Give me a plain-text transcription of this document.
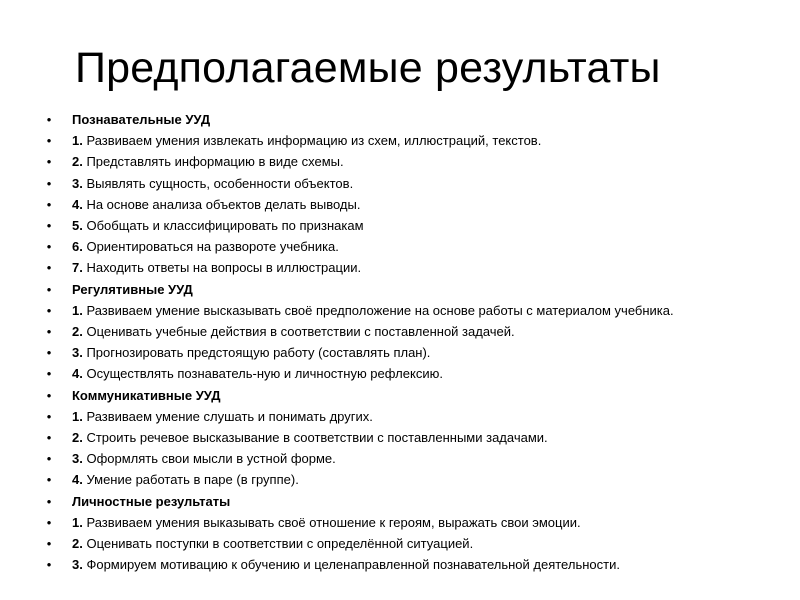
Предполагаемые результаты
• Познавательные УУД
• 1. Развиваем умения извлекать информацию из схем, иллюстраций, текстов.
• 2. Представлять информацию в виде схемы.
• 3. Выявлять сущность, особенности объектов.
• 4. На основе анализа объектов делать выводы.
• 5. Обобщать и классифицировать по признакам
• 6. Ориентироваться на развороте учебника.
• 7. Находить ответы на вопросы в иллюстрации.
• Регулятивные УУД
• 1. Развиваем умение высказывать своё предположение на основе работы с материалом учебника.
• 2. Оценивать учебные действия в соответствии с поставленной задачей.
• 3. Прогнозировать предстоящую работу (составлять план).
• 4. Осуществлять познаватель-ную и личностную рефлексию.
• Коммуникативные УУД
• 1. Развиваем умение слушать и понимать других.
• 2. Строить речевое высказывание в соответствии с поставленными задачами.
• 3. Оформлять свои мысли в устной форме.
• 4. Умение работать в паре (в группе).
• Личностные результаты
• 1. Развиваем умения выказывать своё отношение к героям, выражать свои эмоции.
• 2. Оценивать поступки в соответствии с определённой ситуацией.
• 3. Формируем мотивацию к обучению и целенаправленной познавательной деятельности.
